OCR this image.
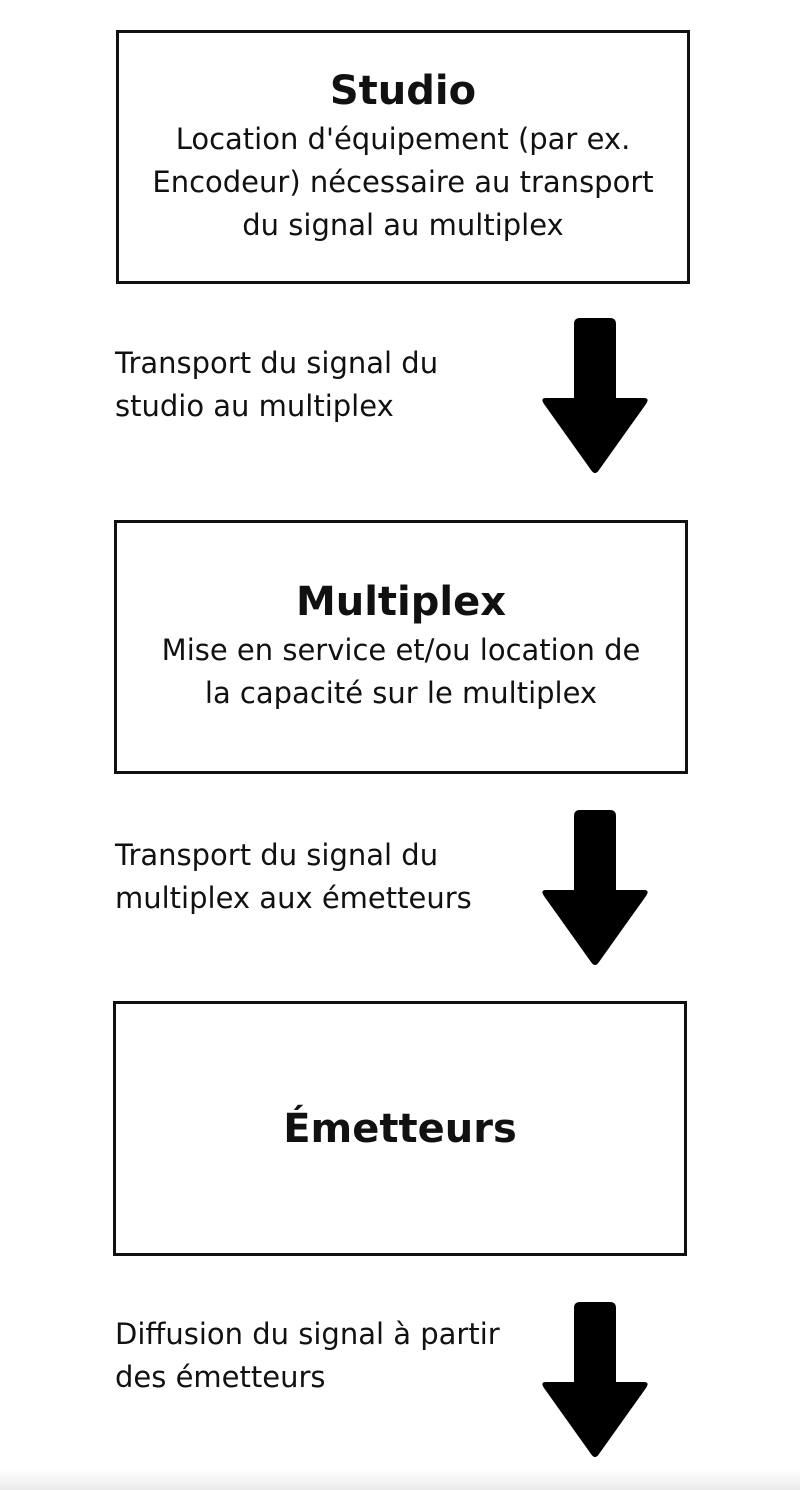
Studio
Location d'équipement (par ex.
Encodeur) nécessaire au transport
du signal au multiplex
Transport du signal du
studio au multiplex
Multiplex
Mise en service et/ou location de
la capacité sur le multiplex
Transport du signal du
multiplex aux émetteurs
Émetteurs
Diffusion du signal à partir
des émetteurs
